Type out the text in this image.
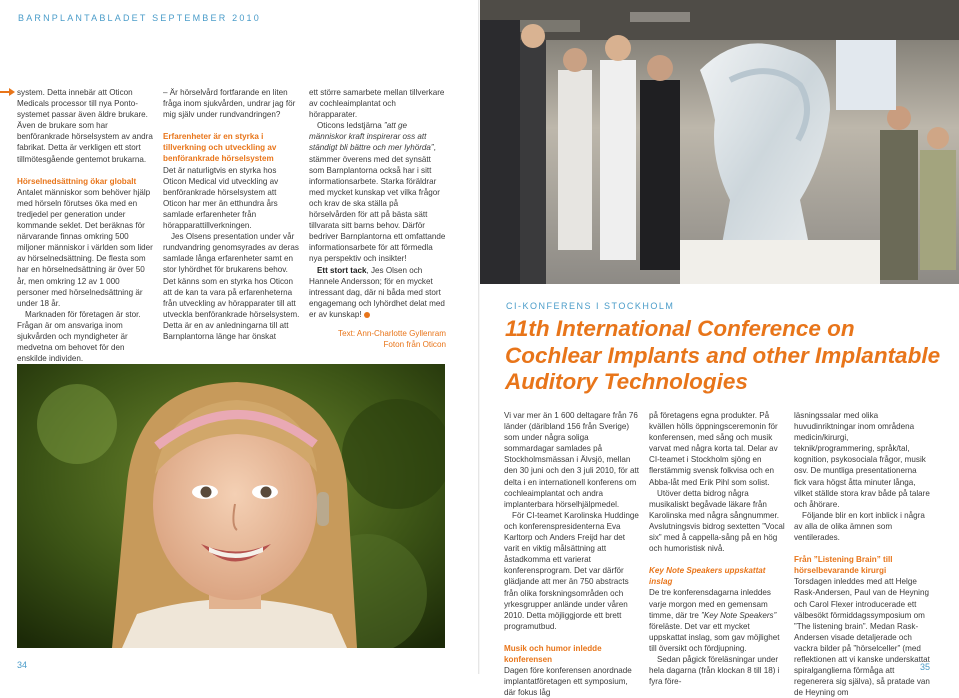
BARNPLANTABLADET SEPTEMBER 2010

system. Detta innebär att Oticon Medicals processor till nya Ponto-systemet passar även äldre brukare. Även de brukare som har benförankrade hörselsystem av andra fabrikat. Detta är verkligen ett stort tillmötesgående gentemot brukarna.

Hörselnedsättning ökar globalt

Antalet människor som behöver hjälp med hörseln förutses öka med en tredjedel per generation under kommande seklet. Det beräknas för närvarande finnas omkring 500 miljoner människor i världen som lider av hörselnedsättning. De flesta som har en hörselnedsättning är över 50 år, men omkring 12 av 1 000 personer med hörselnedsättning är under 18 år.

Marknaden för företagen är stor. Frågan är om ansvariga inom sjukvården och myndigheter är medvetna om behovet för den enskilde individen.

– Är hörselvård fortfarande en liten fråga inom sjukvården, undrar jag för mig själv under rundvandringen?

Erfarenheter är en styrka i tillverkning och utveckling av benförankrade hörselsystem

Det är naturligtvis en styrka hos Oticon Medical vid utveckling av benförankrade hörselsystem att Oticon har mer än etthundra års samlade erfarenheter från hörapparattillverkningen.

Jes Olsens presentation under vår rundvandring genomsyrades av deras samlade långa erfarenheter samt en stor lyhördhet för brukarens behov. Det känns som en styrka hos Oticon att de kan ta vara på erfarenheterna från utveckling av hörapparater till att utveckla benförankrade hörselsystem. Detta är en av anledningarna till att Barnplantorna länge har önskat

ett större samarbete mellan tillverkare av cochleaimplantat och hörapparater.

Oticons ledstjärna ”att ge människor kraft inspirerar oss att ständigt bli bättre och mer lyhörda”, stämmer överens med det synsätt som Barnplantorna också har i sitt informationsarbete. Starka föräldrar med mycket kunskap vet vilka frågor och krav de ska ställa på hörselvården för att på bästa sätt tillvarata sitt barns behov. Därför bedriver Barnplantorna ett omfattande informationsarbete för att förmedla nya perspektiv och insikter!

Ett stort tack, Jes Olsen och Hannele Andersson; för en mycket intressant dag, där ni båda med stort engagemang och lyhördhet delat med er av kunskap!

Text: Ann-Charlotte Gyllenram

Foton från Oticon

CI-KONFERENS I STOCKHOLM
11th International Conference on Cochlear Implants and other Implantable Auditory Technologies

Vi var mer än 1 600 deltagare från 76 länder (däribland 156 från Sverige) som under några soliga sommardagar samlades på Stockholmsmässan i Älvsjö, mellan den 30 juni och den 3 juli 2010, för att delta i en internationell konferens om cochleaimplantat och andra implanterbara hörselhjälpmedel.

För CI-teamet Karolinska Huddinge och konferenspresidenterna Eva Karltorp och Anders Freijd har det varit en viktig målsättning att åstadkomma ett varierat konferensprogram. Det var därför glädjande att mer än 750 abstracts från olika forskningsområden och yrkesgrupper anlände under våren 2010. Detta möjliggjorde ett brett programutbud.

Musik och humor inledde konferensen

Dagen före konferensen anordnade implantatföretagen ett symposium, där fokus låg

på företagens egna produkter. På kvällen hölls öppningsceremonin för konferensen, med sång och musik varvat med några korta tal. Delar av CI-teamet i Stockholm sjöng en flerstämmig svensk folkvisa och en Abba-låt med Erik Pihl som solist.

Utöver detta bidrog några musikaliskt begåvade läkare från Karolinska med några sångnummer. Avslutningsvis bidrog sextetten ”Vocal six” med å cappella-sång på en hög och humoristisk nivå.

Key Note Speakers uppskattat inslag

De tre konferensdagarna inleddes varje morgon med en gemensam timme, där tre ”Key Note Speakers” föreläste. Det var ett mycket uppskattat inslag, som gav möjlighet till översikt och fördjupning.

Sedan pågick föreläsningar under hela dagarna (från klockan 8 till 18) i fyra före-

läsningssalar med olika huvudinriktningar inom områdena medicin/kirurgi, teknik/programmering, språk/tal, kognition, psykosociala frågor, musik osv. De muntliga presentationerna fick vara högst åtta minuter långa, vilket ställde stora krav både på talare och åhörare.

Följande blir en kort inblick i några av alla de olika ämnen som ventilerades.

Från ”Listening Brain” till hörselbevarande kirurgi

Torsdagen inleddes med att Helge Rask-Andersen, Paul van de Heyning och Carol Flexer introducerade ett välbesökt förmiddagssymposium om ”The listening brain”. Medan Rask-Andersen visade detaljerade och vackra bilder på ”hörselceller” (med reflektionen att vi kanske underskattat spiralganglierna förmåga att regenerera sig själva), så pratade van de Heyning om

34	35
